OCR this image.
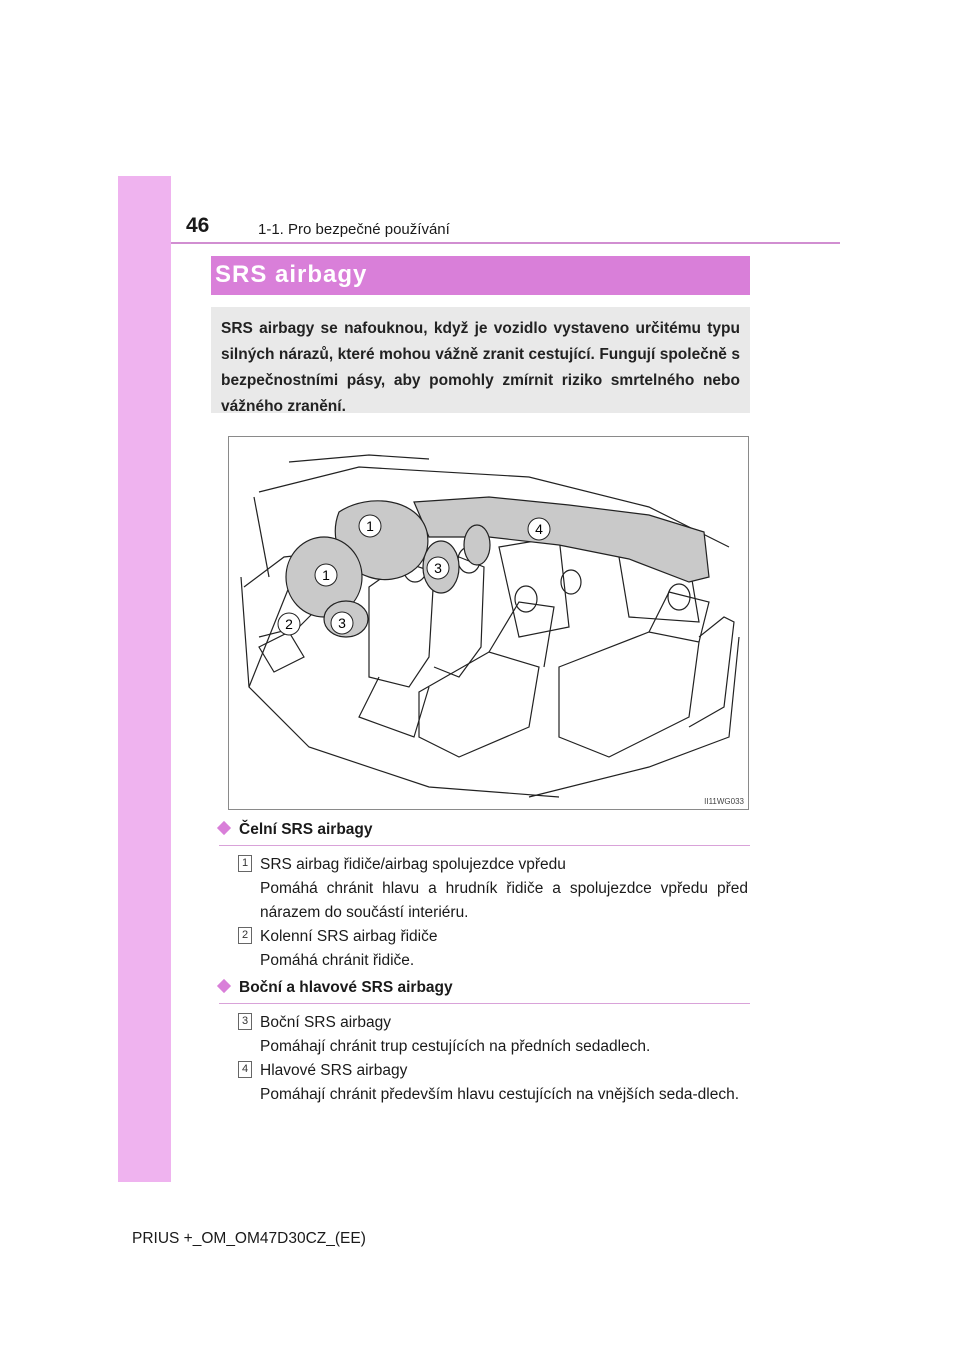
46	1-1. Pro bezpečné používání
SRS airbagy

SRS airbagy se nafouknou, když je vozidlo vystaveno určitému typu silných nárazů, které mohou vážně zranit cestující. Fungují společně s bezpečnostními pásy, aby pomohly zmírnit riziko smrtelného nebo vážného zranění.

1
1
2	3
3
4
II11WG033
Čelní SRS airbagy
1 SRS airbag řidiče/airbag spolujezdce vpředu
Pomáhá chránit hlavu a hrudník řidiče a spolujezdce vpředu před nárazem do součástí interiéru.
2 Kolenní SRS airbag řidiče
Pomáhá chránit řidiče.
Boční a hlavové SRS airbagy
3 Boční SRS airbagy
Pomáhají chránit trup cestujících na předních sedadlech.
4 Hlavové SRS airbagy
Pomáhají chránit především hlavu cestujících na vnějších seda-dlech.
PRIUS +_OM_OM47D30CZ_(EE)
